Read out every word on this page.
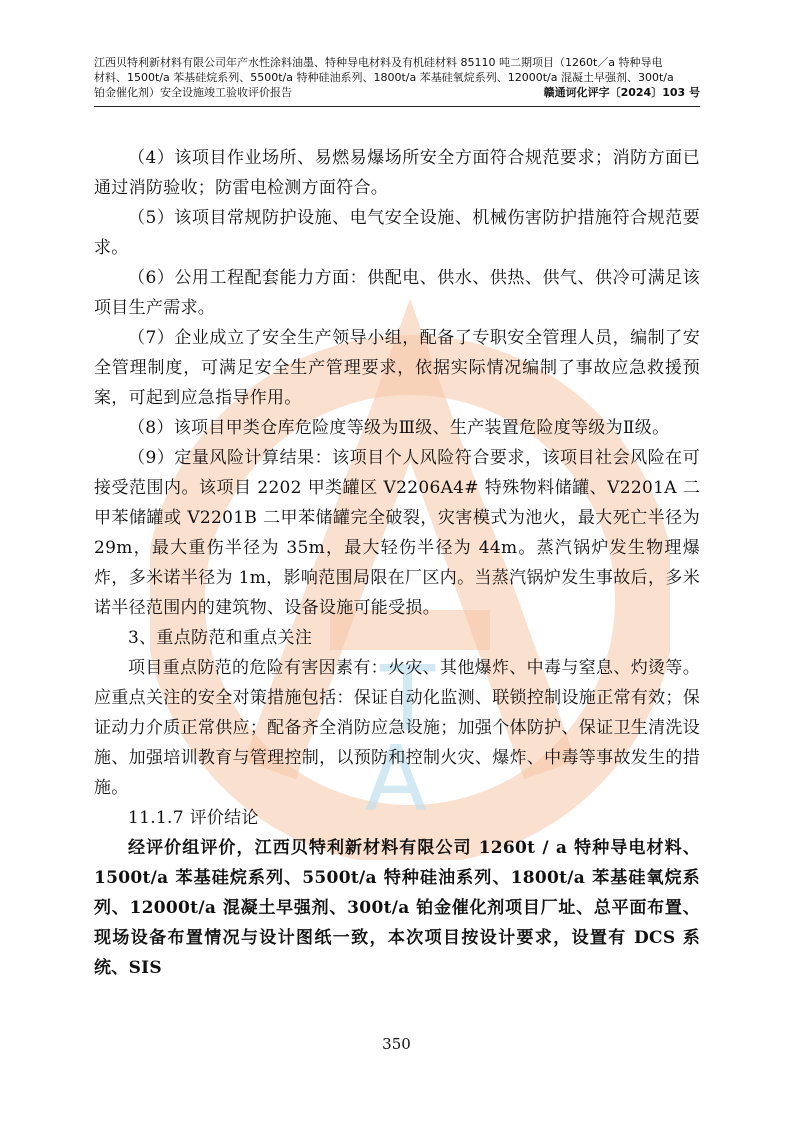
T
A
江西贝特利新材料有限公司年产水性涂料油墨、特种导电材料及有机硅材料 85110 吨二期项目（1260t／a 特种导电
材料、1500t/a 苯基硅烷系列、5500t/a 特种硅油系列、1800t/a 苯基硅氧烷系列、12000t/a 混凝土早强剂、300t/a
铂金催化剂）安全设施竣工验收评价报告	赣通诃化评字〔2024〕103 号

（4）该项目作业场所、易燃易爆场所安全方面符合规范要求；消防方面已通过消防验收；防雷电检测方面符合。

（5）该项目常规防护设施、电气安全设施、机械伤害防护措施符合规范要求。

（6）公用工程配套能力方面：供配电、供水、供热、供气、供冷可满足该项目生产需求。

（7）企业成立了安全生产领导小组，配备了专职安全管理人员，编制了安全管理制度，可满足安全生产管理要求，依据实际情况编制了事故应急救援预案，可起到应急指导作用。

（8）该项目甲类仓库危险度等级为Ⅲ级、生产装置危险度等级为Ⅱ级。

（9）定量风险计算结果：该项目个人风险符合要求，该项目社会风险在可接受范围内。该项目 2202 甲类罐区 V2206A4# 特殊物料储罐、V2201A 二甲苯储罐或 V2201B 二甲苯储罐完全破裂，灾害模式为池火，最大死亡半径为 29m，最大重伤半径为 35m，最大轻伤半径为 44m。蒸汽锅炉发生物理爆炸，多米诺半径为 1m，影响范围局限在厂区内。当蒸汽锅炉发生事故后，多米诺半径范围内的建筑物、设备设施可能受损。

3、重点防范和重点关注

项目重点防范的危险有害因素有：火灾、其他爆炸、中毒与窒息、灼烫等。应重点关注的安全对策措施包括：保证自动化监测、联锁控制设施正常有效；保证动力介质正常供应；配备齐全消防应急设施；加强个体防护、保证卫生清洗设施、加强培训教育与管理控制，以预防和控制火灾、爆炸、中毒等事故发生的措施。

11.1.7 评价结论

经评价组评价，江西贝特利新材料有限公司 1260t / a 特种导电材料、1500t/a 苯基硅烷系列、5500t/a 特种硅油系列、1800t/a 苯基硅氧烷系列、12000t/a 混凝土早强剂、300t/a 铂金催化剂项目厂址、总平面布置、现场设备布置情况与设计图纸一致，本次项目按设计要求，设置有 DCS 系统、SIS

350
